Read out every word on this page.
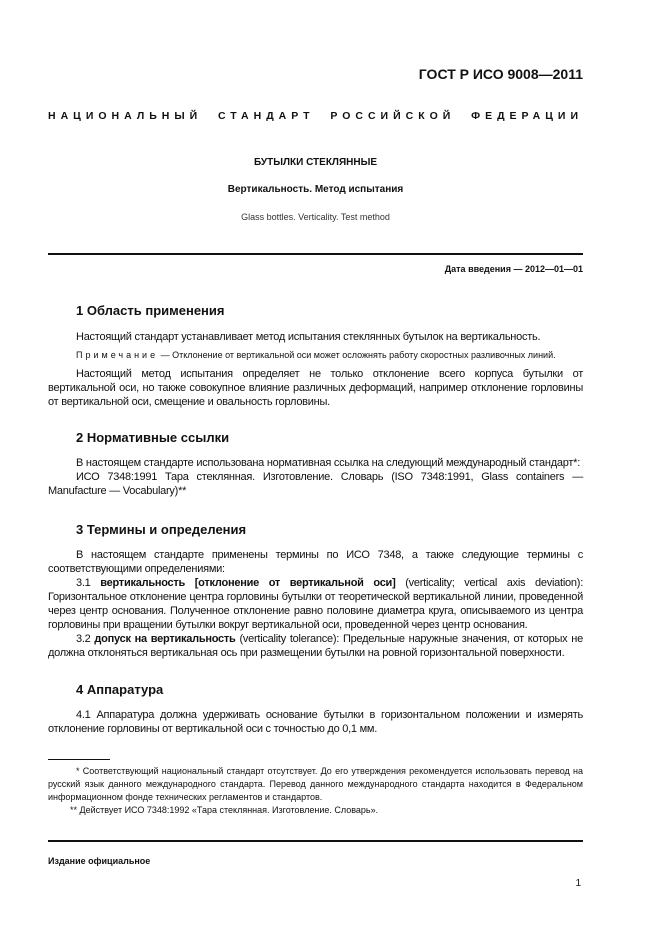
ГОСТ Р ИСО 9008—2011
НАЦИОНАЛЬНЫЙ СТАНДАРТ РОССИЙСКОЙ ФЕДЕРАЦИИ
БУТЫЛКИ СТЕКЛЯННЫЕ
Вертикальность. Метод испытания
Glass bottles. Verticality. Test method
Дата введения — 2012—01—01
1 Область применения

Настоящий стандарт устанавливает метод испытания стеклянных бутылок на вертикальность.

Примечание — Отклонение от вертикальной оси может осложнять работу скоростных разливочных линий.

Настоящий метод испытания определяет не только отклонение всего корпуса бутылки от вертикальной оси, но также совокупное влияние различных деформаций, например отклонение горловины от вертикальной оси, смещение и овальность горловины.

2 Нормативные ссылки

В настоящем стандарте использована нормативная ссылка на следующий международный стандарт*:

ИСО 7348:1991 Тара стеклянная. Изготовление. Словарь (ISO 7348:1991, Glass containers — Manufacture — Vocabulary)**

3 Термины и определения

В настоящем стандарте применены термины по ИСО 7348, а также следующие термины с соответствующими определениями:

3.1 вертикальность [отклонение от вертикальной оси] (verticality; vertical axis deviation): Горизонтальное отклонение центра горловины бутылки от теоретической вертикальной линии, проведенной через центр основания. Полученное отклонение равно половине диаметра круга, описываемого из центра горловины при вращении бутылки вокруг вертикальной оси, проведенной через центр основания.

3.2 допуск на вертикальность (verticality tolerance): Предельные наружные значения, от которых не должна отклоняться вертикальная ось при размещении бутылки на ровной горизонтальной поверхности.

4 Аппаратура

4.1 Аппаратура должна удерживать основание бутылки в горизонтальном положении и измерять отклонение горловины от вертикальной оси с точностью до 0,1 мм.

* Соответствующий национальный стандарт отсутствует. До его утверждения рекомендуется использовать перевод на русский язык данного международного стандарта. Перевод данного международного стандарта находится в Федеральном информационном фонде технических регламентов и стандартов.

** Действует ИСО 7348:1992 «Тара стеклянная. Изготовление. Словарь».

Издание официальное
1
